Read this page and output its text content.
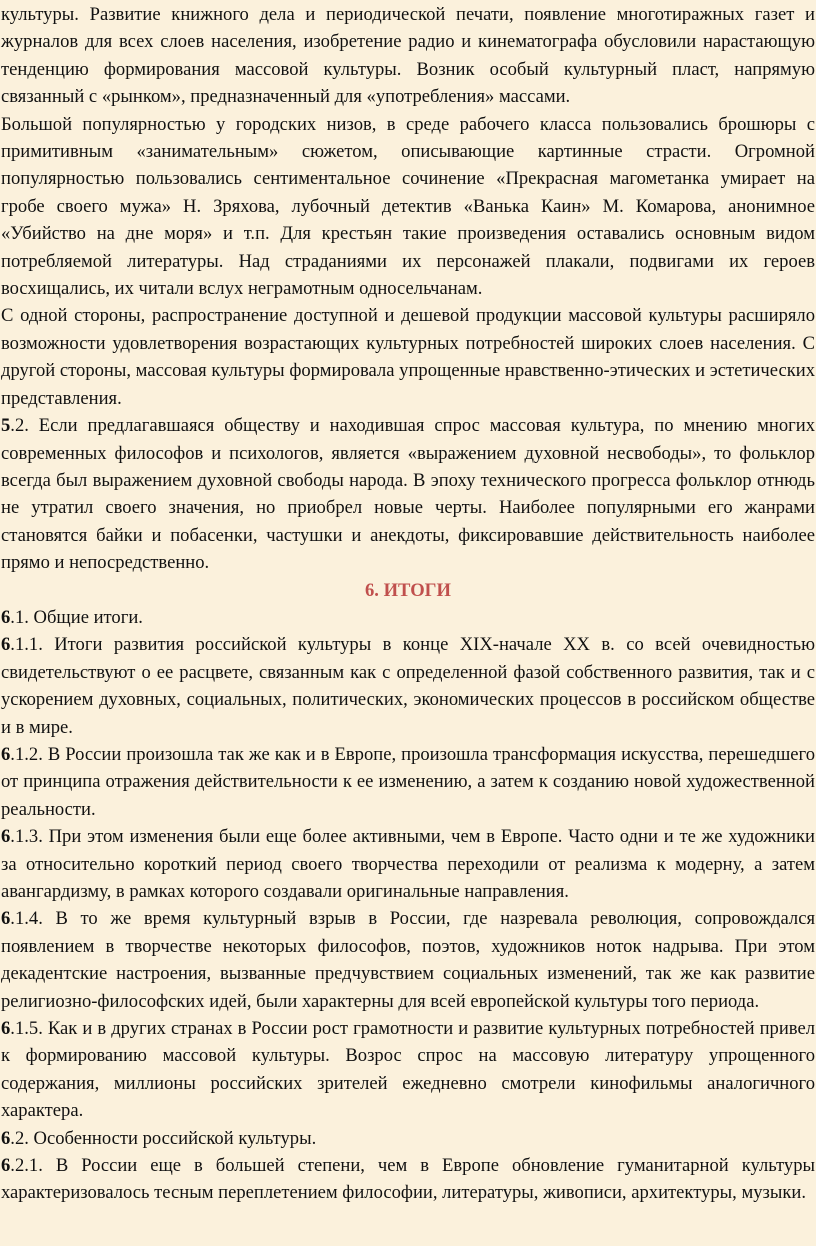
культуры. Развитие книжного дела и периодической печати, появление многотиражных газет и журналов для всех слоев населения, изобретение радио и кинематографа обусловили нарастающую тенденцию формирования массовой культуры. Возник особый культурный пласт, напрямую связанный с «рынком», предназначенный для «употребления» массами.

Большой популярностью у городских низов, в среде рабочего класса пользовались брошюры с примитивным «занимательным» сюжетом, описывающие картинные страсти. Огромной популярностью пользовались сентиментальное сочинение «Прекрасная магометанка умирает на гробе своего мужа» Н. Зряхова, лубочный детектив «Ванька Каин» М. Комарова, анонимное «Убийство на дне моря» и т.п. Для крестьян такие произведения оставались основным видом потребляемой литературы. Над страданиями их персонажей плакали, подвигами их героев восхищались, их читали вслух неграмотным односельчанам.

С одной стороны, распространение доступной и дешевой продукции массовой культуры расширяло возможности удовлетворения возрастающих культурных потребностей широких слоев населения. С другой стороны, массовая культуры формировала упрощенные нравственно-этических и эстетических представления.

5.2. Если предлагавшаяся обществу и находившая спрос массовая культура, по мнению многих современных философов и психологов, является «выражением духовной несвободы», то фольклор всегда был выражением духовной свободы народа. В эпоху технического прогресса фольклор отнюдь не утратил своего значения, но приобрел новые черты. Наиболее популярными его жанрами становятся байки и побасенки, частушки и анекдоты, фиксировавшие действительность наиболее прямо и непосредственно.

6. ИТОГИ

6.1. Общие итоги.

6.1.1. Итоги развития российской культуры в конце XIX-начале XX в. со всей очевидностью свидетельствуют о ее расцвете, связанным как с определенной фазой собственного развития, так и с ускорением духовных, социальных, политических, экономических процессов в российском обществе и в мире.

6.1.2. В России произошла так же как и в Европе, произошла трансформация искусства, перешедшего от принципа отражения действительности к ее изменению, а затем к созданию новой художественной реальности.

6.1.3. При этом изменения были еще более активными, чем в Европе. Часто одни и те же художники за относительно короткий период своего творчества переходили от реализма к модерну, а затем авангардизму, в рамках которого создавали оригинальные направления.

6.1.4. В то же время культурный взрыв в России, где назревала революция, сопровождался появлением в творчестве некоторых философов, поэтов, художников ноток надрыва. При этом декадентские настроения, вызванные предчувствием социальных изменений, так же как развитие религиозно-философских идей, были характерны для всей европейской культуры того периода.

6.1.5. Как и в других странах в России рост грамотности и развитие культурных потребностей привел к формированию массовой культуры. Возрос спрос на массовую литературу упрощенного содержания, миллионы российских зрителей ежедневно смотрели кинофильмы аналогичного характера.

6.2. Особенности российской культуры.

6.2.1. В России еще в большей степени, чем в Европе обновление гуманитарной культуры характеризовалось тесным переплетением философии, литературы, живописи, архитектуры, музыки.
